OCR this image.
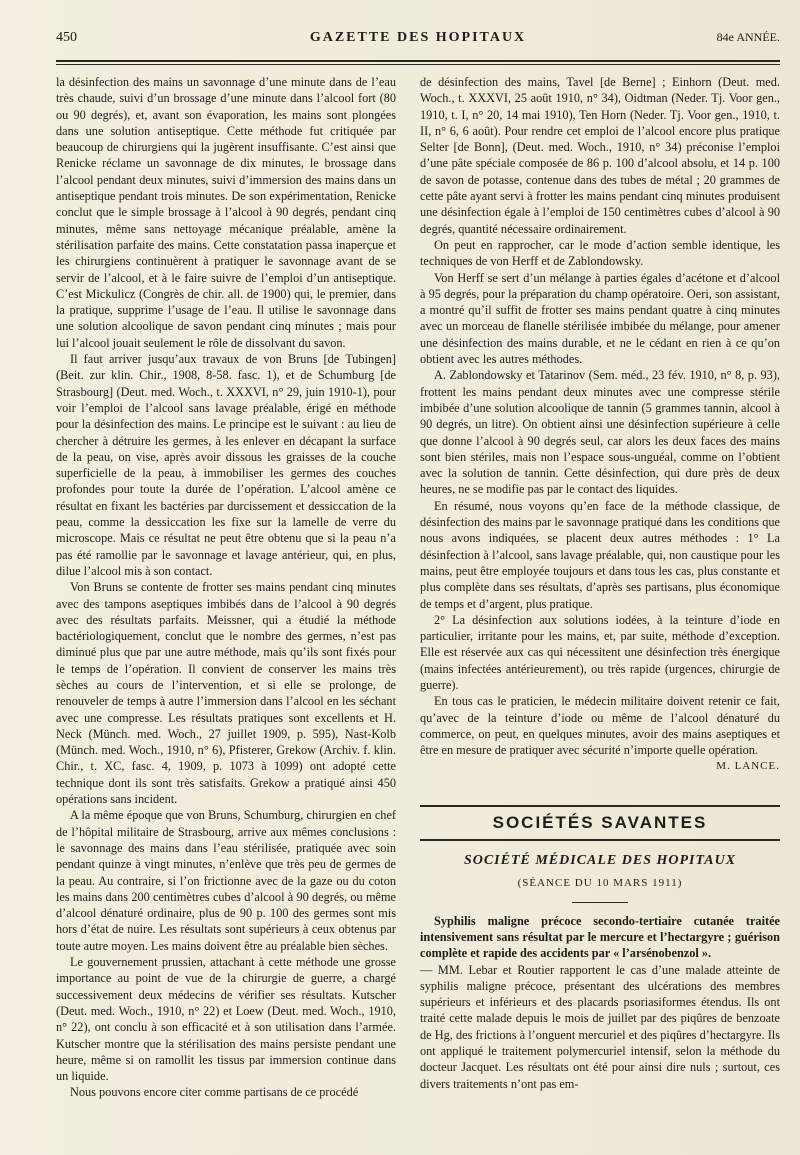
450	GAZETTE DES HOPITAUX	84e ANNÉE.

la désinfection des mains un savonnage d’une minute dans de l’eau très chaude, suivi d’un brossage d’une minute dans l’alcool fort (80 ou 90 degrés), et, avant son évaporation, les mains sont plongées dans une solution antiseptique. Cette méthode fut critiquée par beaucoup de chirurgiens qui la jugèrent insuffisante. C’est ainsi que Renicke réclame un savonnage de dix minutes, le brossage dans l’alcool pendant deux minutes, suivi d’immersion des mains dans un antiseptique pendant trois minutes. De son expérimentation, Renicke conclut que le simple brossage à l’alcool à 90 degrés, pendant cinq minutes, même sans nettoyage mécanique préalable, amène la stérilisation parfaite des mains. Cette constatation passa inaperçue et les chirurgiens continuèrent à pratiquer le savonnage avant de se servir de l’alcool, et à le faire suivre de l’emploi d’un antiseptique. C’est Mickulicz (Congrès de chir. all. de 1900) qui, le premier, dans la pratique, supprime l’usage de l’eau. Il utilise le savonnage dans une solution alcoolique de savon pendant cinq minutes ; mais pour lui l’alcool jouait seulement le rôle de dissolvant du savon.

Il faut arriver jusqu’aux travaux de von Bruns [de Tubingen] (Beit. zur klin. Chir., 1908, 8-58. fasc. 1), et de Schumburg [de Strasbourg] (Deut. med. Woch., t. XXXVI, n° 29, juin 1910-1), pour voir l’emploi de l’alcool sans lavage préalable, érigé en méthode pour la désinfection des mains. Le principe est le suivant : au lieu de chercher à détruire les germes, à les enlever en décapant la surface de la peau, on vise, après avoir dissous les graisses de la couche superficielle de la peau, à immobiliser les germes des couches profondes pour toute la durée de l’opération. L’alcool amène ce résultat en fixant les bactéries par durcissement et dessiccation de la peau, comme la dessiccation les fixe sur la lamelle de verre du microscope. Mais ce résultat ne peut être obtenu que si la peau n’a pas été ramollie par le savonnage et lavage antérieur, qui, en plus, dilue l’alcool mis à son contact.

Von Bruns se contente de frotter ses mains pendant cinq minutes avec des tampons aseptiques imbibés dans de l’alcool à 90 degrés avec des résultats parfaits. Meissner, qui a étudié la méthode bactériologiquement, conclut que le nombre des germes, n’est pas diminué plus que par une autre méthode, mais qu’ils sont fixés pour le temps de l’opération. Il convient de conserver les mains très sèches au cours de l’intervention, et si elle se prolonge, de renouveler de temps à autre l’immersion dans l’alcool en les séchant avec une compresse. Les résultats pratiques sont excellents et H. Neck (Münch. med. Woch., 27 juillet 1909, p. 595), Nast-Kolb (Münch. med. Woch., 1910, n° 6), Pfisterer, Grekow (Archiv. f. klin. Chir., t. XC, fasc. 4, 1909, p. 1073 à 1099) ont adopté cette technique dont ils sont très satisfaits. Grekow a pratiqué ainsi 450 opérations sans incident.

A la même époque que von Bruns, Schumburg, chirurgien en chef de l’hôpital militaire de Strasbourg, arrive aux mêmes conclusions : le savonnage des mains dans l’eau stérilisée, pratiquée avec soin pendant quinze à vingt minutes, n’enlève que très peu de germes de la peau. Au contraire, si l’on frictionne avec de la gaze ou du coton les mains dans 200 centimètres cubes d’alcool à 90 degrés, ou même d’alcool dénaturé ordinaire, plus de 90 p. 100 des germes sont mis hors d’état de nuire. Les résultats sont supérieurs à ceux obtenus par toute autre moyen. Les mains doivent être au préalable bien sèches.

Le gouvernement prussien, attachant à cette méthode une grosse importance au point de vue de la chirurgie de guerre, a chargé successivement deux médecins de vérifier ses résultats. Kutscher (Deut. med. Woch., 1910, n° 22) et Loew (Deut. med. Woch., 1910, n° 22), ont conclu à son efficacité et à son utilisation dans l’armée. Kutscher montre que la stérilisation des mains persiste pendant une heure, même si on ramollit les tissus par immersion continue dans un liquide.

Nous pouvons encore citer comme partisans de ce procédé

de désinfection des mains, Tavel [de Berne] ; Einhorn (Deut. med. Woch., t. XXXVI, 25 août 1910, n° 34), Oidtman (Neder. Tj. Voor gen., 1910, t. I, n° 20, 14 mai 1910), Ten Horn (Neder. Tj. Voor gen., 1910, t. II, n° 6, 6 août). Pour rendre cet emploi de l’alcool encore plus pratique Selter [de Bonn], (Deut. med. Woch., 1910, n° 34) préconise l’emploi d’une pâte spéciale composée de 86 p. 100 d’alcool absolu, et 14 p. 100 de savon de potasse, contenue dans des tubes de métal ; 20 grammes de cette pâte ayant servi à frotter les mains pendant cinq minutes produisent une désinfection égale à l’emploi de 150 centimètres cubes d’alcool à 90 degrés, quantité nécessaire ordinairement.

On peut en rapprocher, car le mode d’action semble identique, les techniques de von Herff et de Zablondowsky.

Von Herff se sert d’un mélange à parties égales d’acétone et d’alcool à 95 degrés, pour la préparation du champ opératoire. Oeri, son assistant, a montré qu’il suffit de frotter ses mains pendant quatre à cinq minutes avec un morceau de flanelle stérilisée imbibée du mélange, pour amener une désinfection des mains durable, et ne le cédant en rien à ce qu’on obtient avec les autres méthodes.

A. Zablondowsky et Tatarinov (Sem. méd., 23 fév. 1910, n° 8, p. 93), frottent les mains pendant deux minutes avec une compresse stérile imbibée d’une solution alcoolique de tannin (5 grammes tannin, alcool à 90 degrés, un litre). On obtient ainsi une désinfection supérieure à celle que donne l’alcool à 90 degrés seul, car alors les deux faces des mains sont bien stériles, mais non l’espace sous-unguéal, comme on l’obtient avec la solution de tannin. Cette désinfection, qui dure près de deux heures, ne se modifie pas par le contact des liquides.

En résumé, nous voyons qu’en face de la méthode classique, de désinfection des mains par le savonnage pratiqué dans les conditions que nous avons indiquées, se placent deux autres méthodes : 1° La désinfection à l’alcool, sans lavage préalable, qui, non caustique pour les mains, peut être employée toujours et dans tous les cas, plus constante et plus complète dans ses résultats, d’après ses partisans, plus économique de temps et d’argent, plus pratique.

2° La désinfection aux solutions iodées, à la teinture d’iode en particulier, irritante pour les mains, et, par suite, méthode d’exception. Elle est réservée aux cas qui nécessitent une désinfection très énergique (mains infectées antérieurement), ou très rapide (urgences, chirurgie de guerre).

En tous cas le praticien, le médecin militaire doivent retenir ce fait, qu’avec de la teinture d’iode ou même de l’alcool dénaturé du commerce, on peut, en quelques minutes, avoir des mains aseptiques et être en mesure de pratiquer avec sécurité n’importe quelle opération.

M. LANCE.
SOCIÉTÉS SAVANTES
SOCIÉTÉ MÉDICALE DES HOPITAUX
(SÉANCE DU 10 MARS 1911)

Syphilis maligne précoce secondo-tertiaire cutanée traitée intensivement sans résultat par le mercure et l’hectargyre ; guérison complète et rapide des accidents par « l’arsénobenzol ».

— MM. Lebar et Routier rapportent le cas d’une malade atteinte de syphilis maligne précoce, présentant des ulcérations des membres supérieurs et inférieurs et des placards psoriasiformes étendus. Ils ont traité cette malade depuis le mois de juillet par des piqûres de benzoate de Hg, des frictions à l’onguent mercuriel et des piqûres d’hectargyre. Ils ont appliqué le traitement polymercuriel intensif, selon la méthode du docteur Jacquet. Les résultats ont été pour ainsi dire nuls ; surtout, ces divers traitements n’ont pas em-
